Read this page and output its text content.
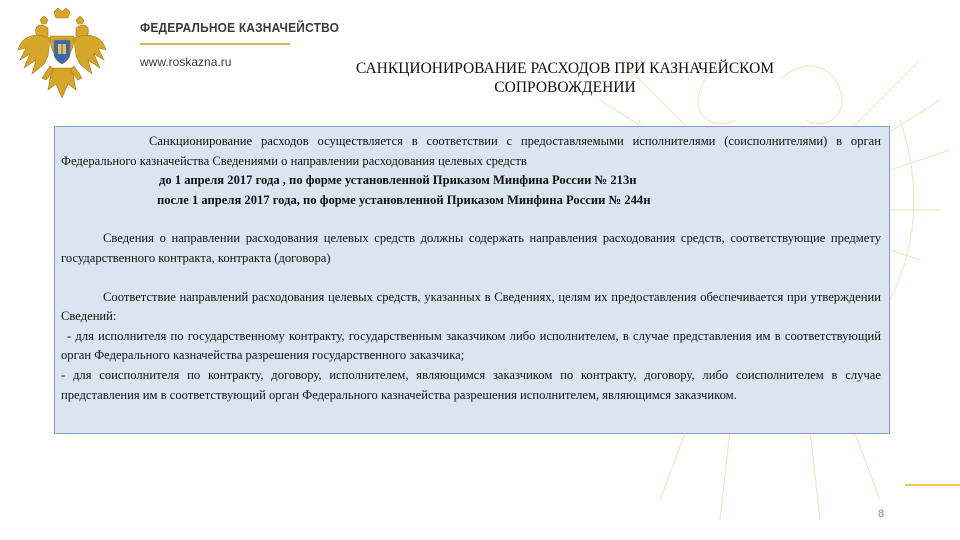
ФЕДЕРАЛЬНОЕ КАЗНАЧЕЙСТВО
www.roskazna.ru	САНКЦИОНИРОВАНИЕ РАСХОДОВ ПРИ КАЗНАЧЕЙСКОМ
СОПРОВОЖДЕНИИ

Санкционирование расходов осуществляется в соответствии с предоставляемыми исполнителями (соисполнителями) в орган Федерального казначейства Сведениями о направлении расходования целевых средств

до 1 апреля 2017 года , по форме установленной Приказом Минфина России № 213н
после 1 апреля 2017 года, по форме установленной Приказом Минфина России № 244н

Сведения о направлении расходования целевых средств должны содержать направления расходования средств, соответствующие предмету государственного контракта, контракта (договора)

Соответствие направлений расходования целевых средств, указанных в Сведениях, целям их предоставления обеспечивается при утверждении Сведений:

- для исполнителя по государственному контракту, государственным заказчиком либо исполнителем, в случае представления им в соответствующий орган Федерального казначейства разрешения государственного заказчика;

- для соисполнителя по контракту, договору, исполнителем, являющимся заказчиком по контракту, договору, либо соисполнителем в случае представления им в соответствующий орган Федерального казначейства разрешения исполнителем, являющимся заказчиком.

8
